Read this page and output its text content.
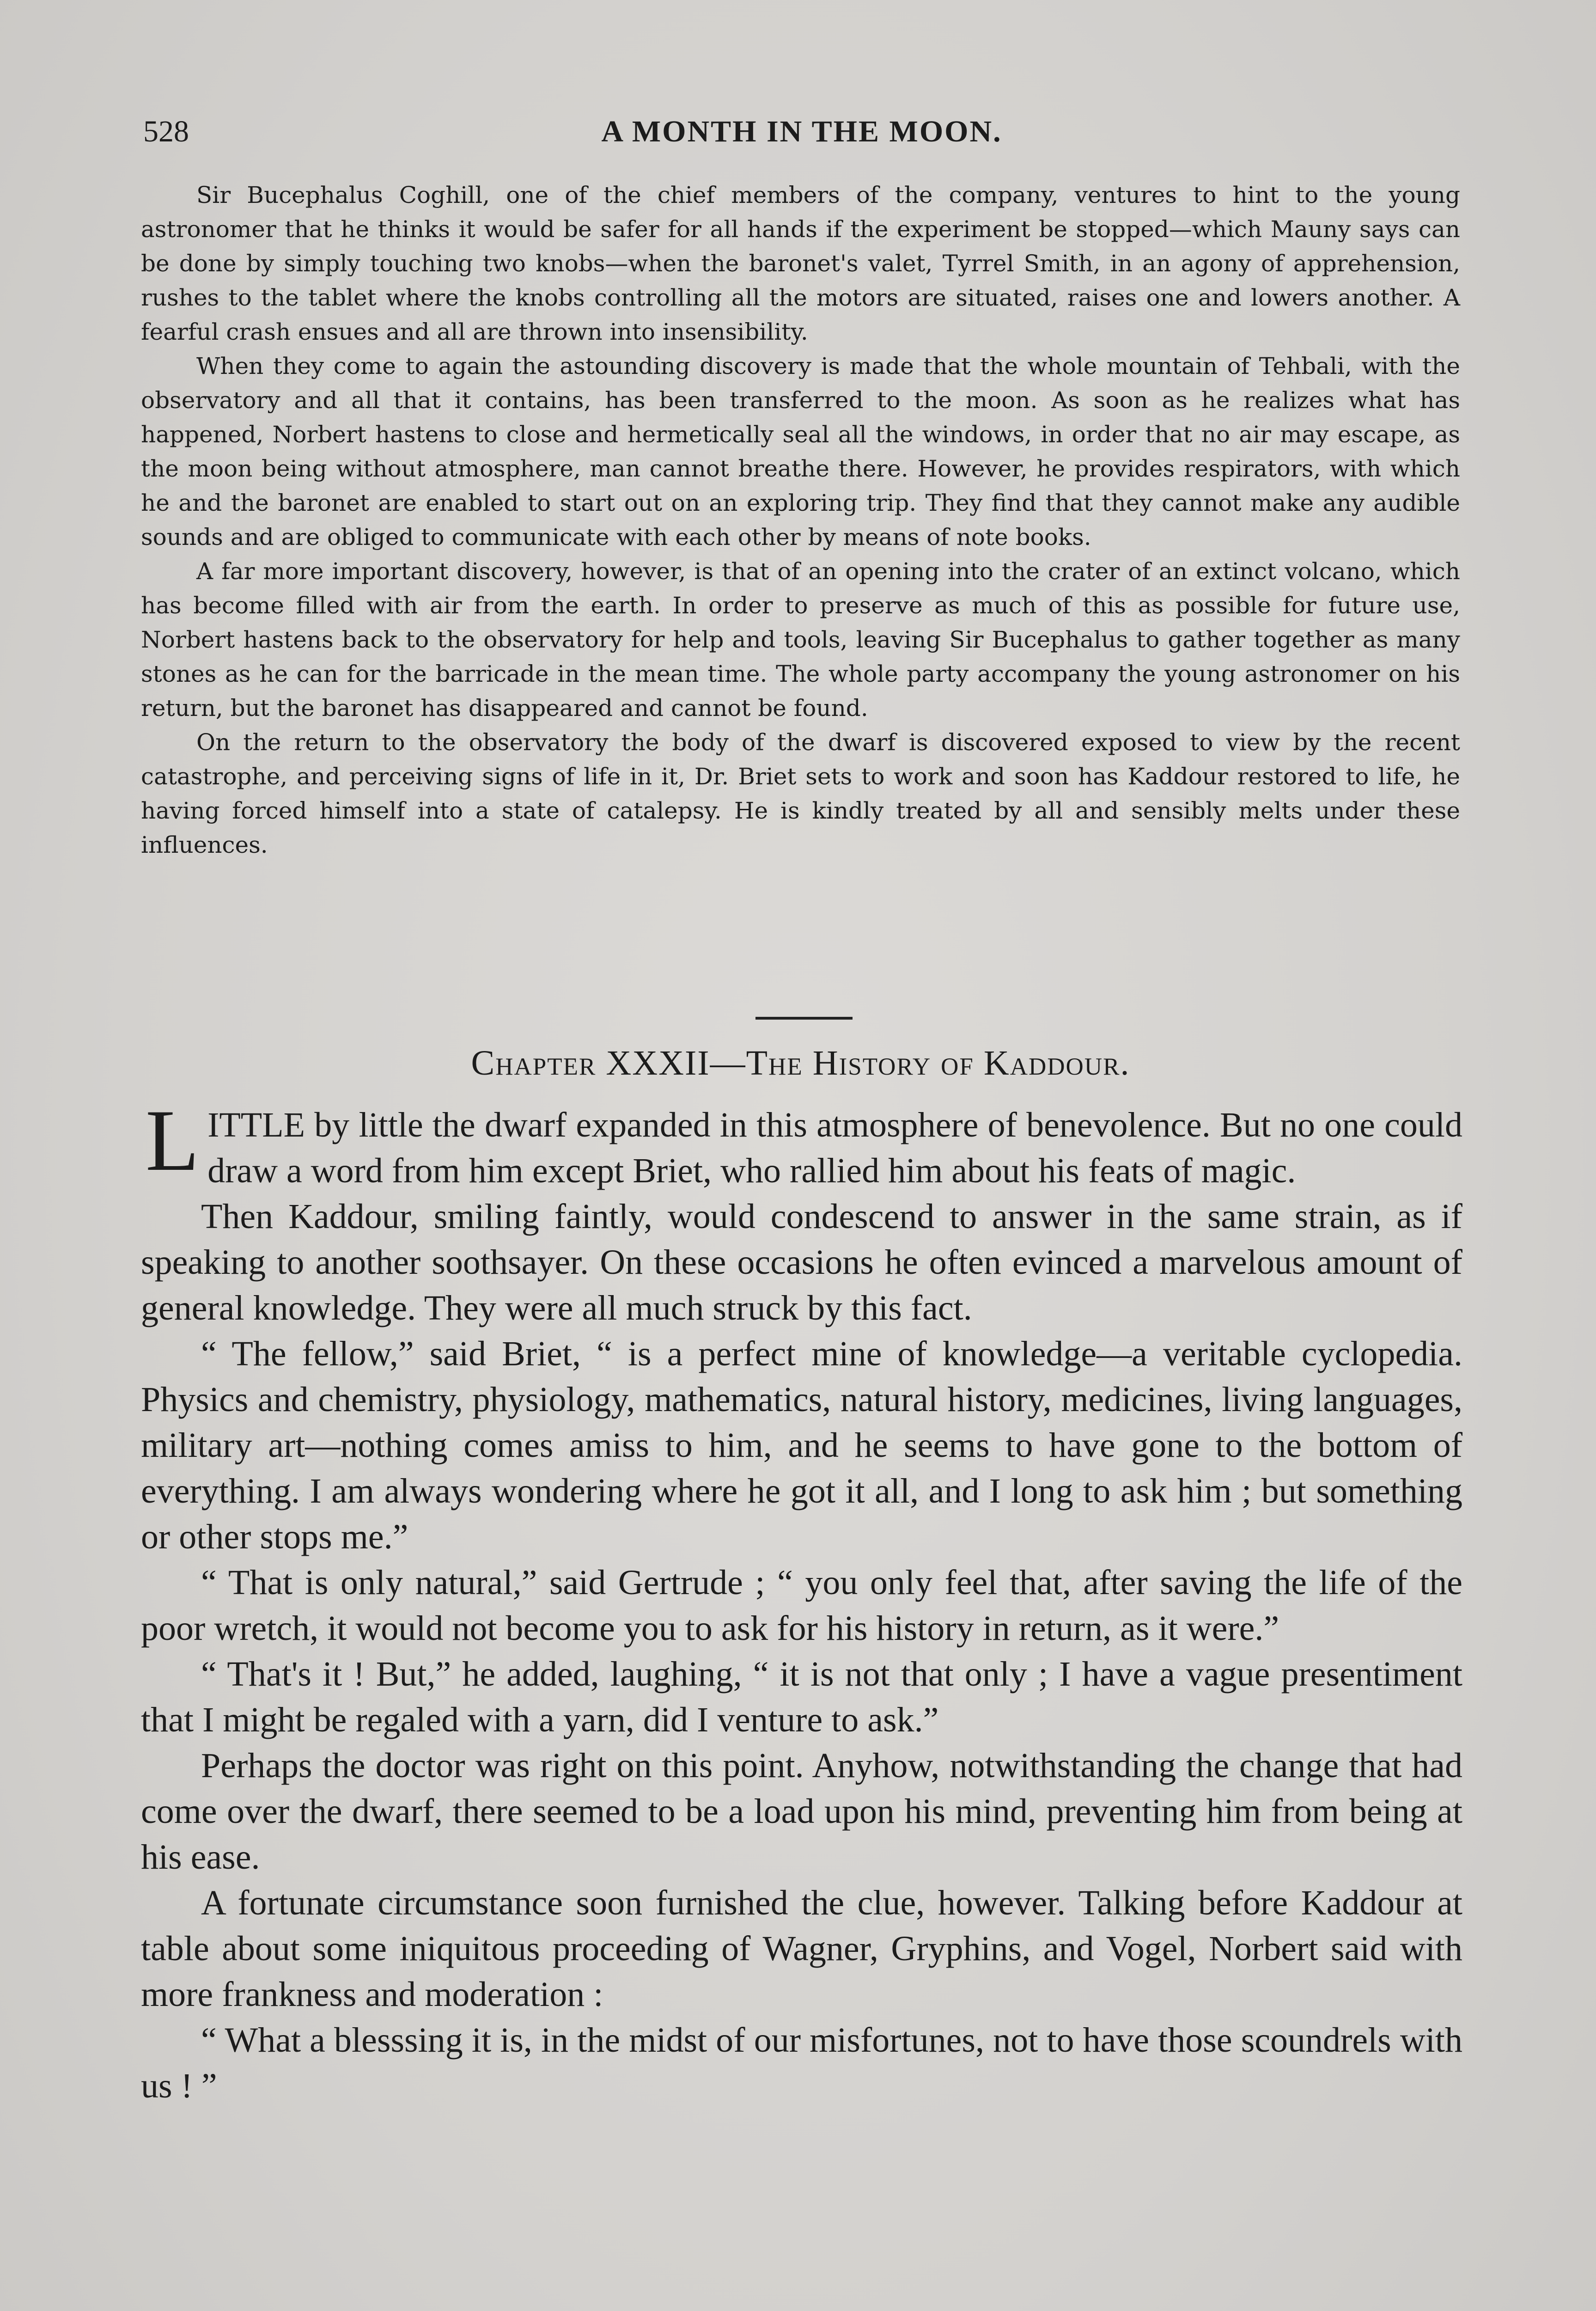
528	A MONTH IN THE MOON.

Sir Bucephalus Coghill, one of the chief members of the company, ventures to hint to the young astronomer that he thinks it would be safer for all hands if the experiment be stopped—which Mauny says can be done by simply touching two knobs—when the baronet's valet, Tyrrel Smith, in an agony of apprehension, rushes to the tablet where the knobs controlling all the motors are situated, raises one and lowers another. A fearful crash ensues and all are thrown into insensibility.

When they come to again the astounding discovery is made that the whole mountain of Tehbali, with the observatory and all that it contains, has been transferred to the moon. As soon as he realizes what has happened, Norbert hastens to close and hermetically seal all the windows, in order that no air may escape, as the moon being without atmosphere, man cannot breathe there. However, he provides respirators, with which he and the baronet are enabled to start out on an exploring trip. They find that they cannot make any audible sounds and are obliged to communicate with each other by means of note books.

A far more important discovery, however, is that of an opening into the crater of an extinct volcano, which has become filled with air from the earth. In order to preserve as much of this as possible for future use, Norbert hastens back to the observatory for help and tools, leaving Sir Bucephalus to gather together as many stones as he can for the barricade in the mean time. The whole party accompany the young astronomer on his return, but the baronet has disappeared and cannot be found.

On the return to the observatory the body of the dwarf is discovered exposed to view by the recent catastrophe, and perceiving signs of life in it, Dr. Briet sets to work and soon has Kaddour restored to life, he having forced himself into a state of catalepsy. He is kindly treated by all and sensibly melts under these influences.

Chapter XXXII—The History of Kaddour.

L ITTLE by little the dwarf expanded in this atmosphere of benevolence. But no one could draw a word from him except Briet, who rallied him about his feats of magic.

Then Kaddour, smiling faintly, would condescend to answer in the same strain, as if speaking to another soothsayer. On these occasions he often evinced a marvelous amount of general knowledge. They were all much struck by this fact.

“ The fellow,” said Briet, “ is a perfect mine of knowledge—a veritable cyclopedia. Physics and chemistry, physiology, mathematics, natural history, medicines, living languages, military art—nothing comes amiss to him, and he seems to have gone to the bottom of everything. I am always wondering where he got it all, and I long to ask him ; but something or other stops me.”

“ That is only natural,” said Gertrude ; “ you only feel that, after saving the life of the poor wretch, it would not become you to ask for his history in return, as it were.”

“ That's it ! But,” he added, laughing, “ it is not that only ; I have a vague presentiment that I might be regaled with a yarn, did I venture to ask.”

Perhaps the doctor was right on this point. Anyhow, notwithstanding the change that had come over the dwarf, there seemed to be a load upon his mind, preventing him from being at his ease.

A fortunate circumstance soon furnished the clue, however. Talking before Kaddour at table about some iniquitous proceeding of Wagner, Gryphins, and Vogel, Norbert said with more frankness and moderation :

“ What a blesssing it is, in the midst of our misfortunes, not to have those scoundrels with us ! ”
